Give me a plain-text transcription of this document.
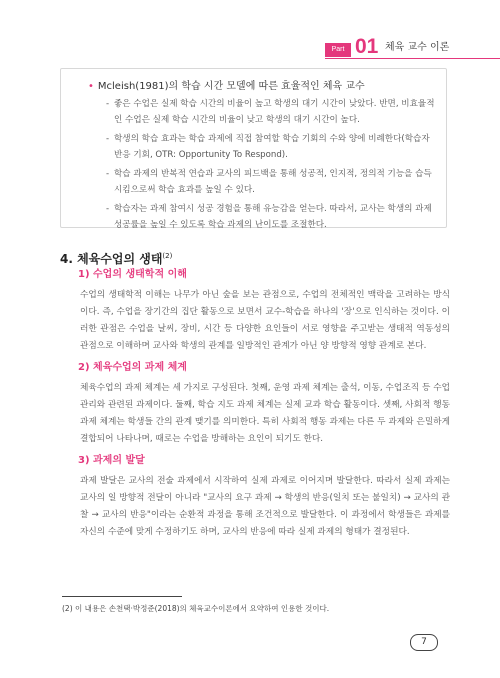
Part 01 체육 교수 이론
• Mcleish(1981)의 학습 시간 모델에 따른 효율적인 체육 교수
- 좋은 수업은 실제 학습 시간의 비율이 높고 학생의 대기 시간이 낮았다. 반면, 비효율적인 수업은 실제 학습 시간의 비율이 낮고 학생의 대기 시간이 높다.
- 학생의 학습 효과는 학습 과제에 직접 참여할 학습 기회의 수와 양에 비례한다(학습자 반응 기회, OTR: Opportunity To Respond).
- 학습 과제의 반복적 연습과 교사의 피드백을 통해 성공적, 인지적, 정의적 기능을 습득시킴으로써 학습 효과를 높일 수 있다.
- 학습자는 과제 참여시 성공 경험을 통해 유능감을 얻는다. 따라서, 교사는 학생의 과제 성공률을 높일 수 있도록 학습 과제의 난이도를 조절한다.
4. 체육수업의 생태$^{(2)}$
1) 수업의 생태학적 이해
수업의 생태학적 이해는 나무가 아닌 숲을 보는 관점으로, 수업의 전체적인 맥락을 고려하는 방식이다. 즉, 수업을 장기간의 집단 활동으로 보면서 교수-학습을 하나의 '장'으로 인식하는 것이다. 이러한 관점은 수업을 날씨, 장비, 시간 등 다양한 요인들이 서로 영향을 주고받는 생태적 역동성의 관점으로 이해하며 교사와 학생의 관계를 일방적인 관계가 아닌 양 방향적 영향 관계로 본다.
2) 체육수업의 과제 체계
체육수업의 과제 체계는 세 가지로 구성된다. 첫째, 운영 과제 체계는 출석, 이동, 수업조직 등 수업 관리와 관련된 과제이다. 둘째, 학습 지도 과제 체계는 실제 교과 학습 활동이다. 셋째, 사회적 행동 과제 체계는 학생들 간의 관계 맺기를 의미한다. 특히 사회적 행동 과제는 다른 두 과제와 은밀하게 결합되어 나타나며, 때로는 수업을 방해하는 요인이 되기도 한다.
3) 과제의 발달
과제 발달은 교사의 전술 과제에서 시작하여 실제 과제로 이어지며 발달한다. 따라서 실제 과제는 교사의 일 방향적 전달이 아니라 "교사의 요구 과제 → 학생의 반응(일치 또는 불일치) → 교사의 관찰 → 교사의 반응"이라는 순환적 과정을 통해 조건적으로 발달한다. 이 과정에서 학생들은 과제를 자신의 수준에 맞게 수정하기도 하며, 교사의 반응에 따라 실제 과제의 형태가 결정된다.
(2) 이 내용은 손천택·박정준(2018)의 체육교수이론에서 요약하여 인용한 것이다.
7
